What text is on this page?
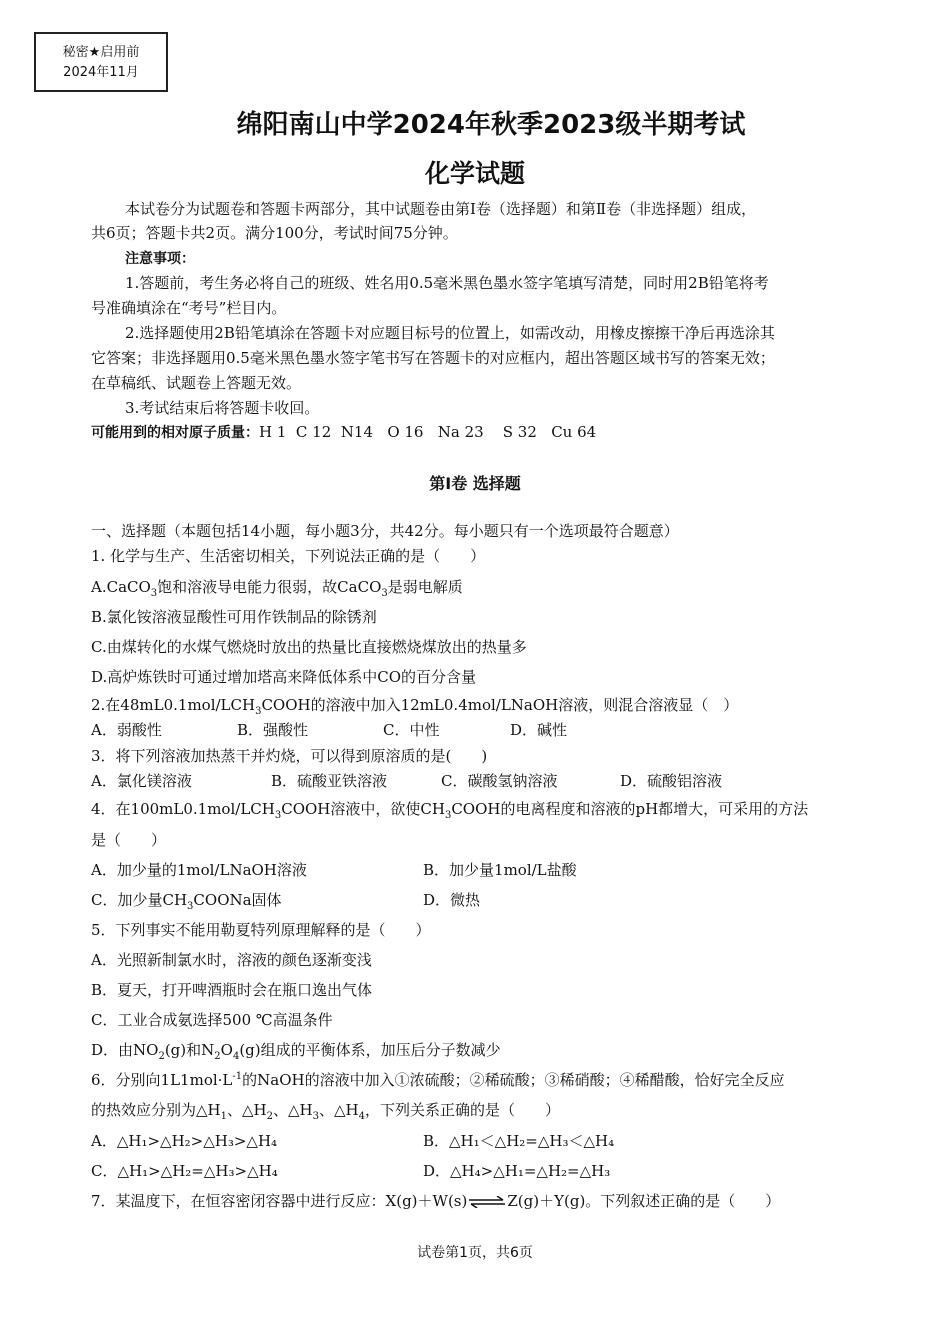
秘密★启用前
2024年11月
绵阳南山中学2024年秋季2023级半期考试
化学试题
本试卷分为试题卷和答题卡两部分，其中试题卷由第Ⅰ卷（选择题）和第Ⅱ卷（非选择题）组成，
共6页；答题卡共2页。满分100分，考试时间75分钟。
注意事项：
1.答题前，考生务必将自己的班级、姓名用0.5毫米黑色墨水签字笔填写清楚，同时用2B铅笔将考
号准确填涂在“考号”栏目内。
2.选择题使用2B铅笔填涂在答题卡对应题目标号的位置上，如需改动，用橡皮擦擦干净后再选涂其
它答案；非选择题用0.5毫米黑色墨水签字笔书写在答题卡的对应框内，超出答题区域书写的答案无效；
在草稿纸、试题卷上答题无效。
3.考试结束后将答题卡收回。
可能用到的相对原子质量：H 1  C 12  N14   O 16   Na 23    S 32   Cu 64
第Ⅰ卷 选择题
一、选择题（本题包括14小题，每小题3分，共42分。每小题只有一个选项最符合题意）
1. 化学与生产、生活密切相关，下列说法正确的是（　　）
A.CaCO$_3$饱和溶液导电能力很弱，故CaCO$_3$是弱电解质
B.氯化铵溶液显酸性可用作铁制品的除锈剂
C.由煤转化的水煤气燃烧时放出的热量比直接燃烧煤放出的热量多
D.高炉炼铁时可通过增加塔高来降低体系中CO的百分含量
2.在$48mL0.1mol/LCH_3COOH$的溶液中加入12mL0.4mol/LNaOH溶液，则混合溶液显（　）
A．弱酸性	B．强酸性	C．中性	D．碱性
3．将下列溶液加热蒸干并灼烧，可以得到原溶质的是(　　)
A．氯化镁溶液	B．硫酸亚铁溶液	C．碳酸氢钠溶液	D．硫酸铝溶液
4．在$100mL0.1mol/LCH_3COOH$溶液中，欲使$CH_3COOH$的电离程度和溶液的pH都增大，可采用的方法
是（　　）
A．加少量的1mol/LNaOH溶液	B．加少量1mol/L盐酸
C．加少量$CH_3COONa$固体	D．微热
5．下列事实不能用勒夏特列原理解释的是（　　）
A．光照新制氯水时，溶液的颜色逐渐变浅
B．夏天，打开啤酒瓶时会在瓶口逸出气体
C．工业合成氨选择500 ℃高温条件
D．由$NO_2(g)$和$N_2O_4(g)$组成的平衡体系，加压后分子数减少
6．分别向$1L1mol\cdot L^{-1}$的NaOH的溶液中加入①浓硫酸；②稀硫酸；③稀硝酸；④稀醋酸，恰好完全反应
的热效应分别为$\triangle H_1$、$\triangle H_2$、$\triangle H_3$、$\triangle H_4$，下列关系正确的是（　　）
A．△H₁>△H₂>△H₃>△H₄	B．△H₁＜△H₂=△H₃＜△H₄
C．△H₁>△H₂=△H₃>△H₄	D．△H₄>△H₁=△H₂=△H₃
7．某温度下，在恒容密闭容器中进行反应：X(g)＋W(s)⇌Z(g)＋Y(g)。下列叙述正确的是（　　）
试卷第1页，共6页
